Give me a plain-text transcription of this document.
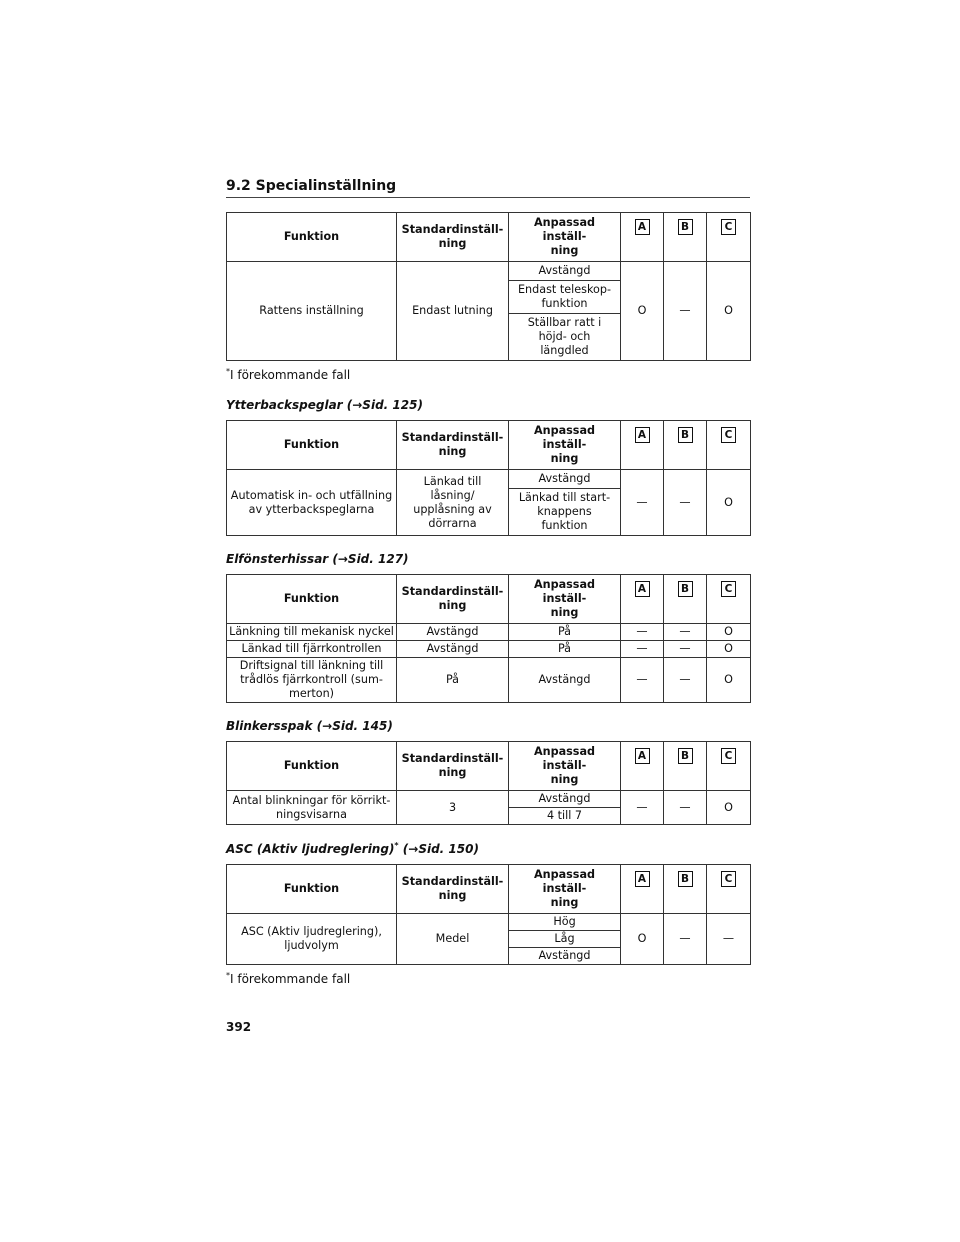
9.2 Specialinställning
Funktion	Standardinställ-
ning	Anpassad inställ-
ning	A	B	C
Rattens inställning	Endast lutning	Avstängd	O	—	O
		Endast teleskop-
funktion			
		Ställbar ratt i
höjd- och
längdled			
*I förekommande fall
Ytterbackspeglar (→Sid. 125)
Funktion	Standardinställ-
ning	Anpassad inställ-
ning	A	B	C
Automatisk in- och utfällning
av ytterbackspeglarna	Länkad till
låsning/
upplåsning av
dörrarna	Avstängd	—	—	O
		Länkad till start-
knappens
funktion			
Elfönsterhissar (→Sid. 127)
Funktion	Standardinställ-
ning	Anpassad inställ-
ning	A	B	C
Länkning till mekanisk nyckel	Avstängd	På	—	—	O
Länkad till fjärrkontrollen	Avstängd	På	—	—	O
Driftsignal till länkning till
trådlös fjärrkontroll (sum-
merton)	På	Avstängd	—	—	O
Blinkersspak (→Sid. 145)
Funktion	Standardinställ-
ning	Anpassad inställ-
ning	A	B	C
Antal blinkningar för körrikt-
ningsvisarna	3	Avstängd	—	—	O
		4 till 7			
ASC (Aktiv ljudreglering)* (→Sid. 150)
Funktion	Standardinställ-
ning	Anpassad inställ-
ning	A	B	C
ASC (Aktiv ljudreglering),
ljudvolym	Medel	Hög	O	—	—
		Låg			
		Avstängd			
*I förekommande fall
392
